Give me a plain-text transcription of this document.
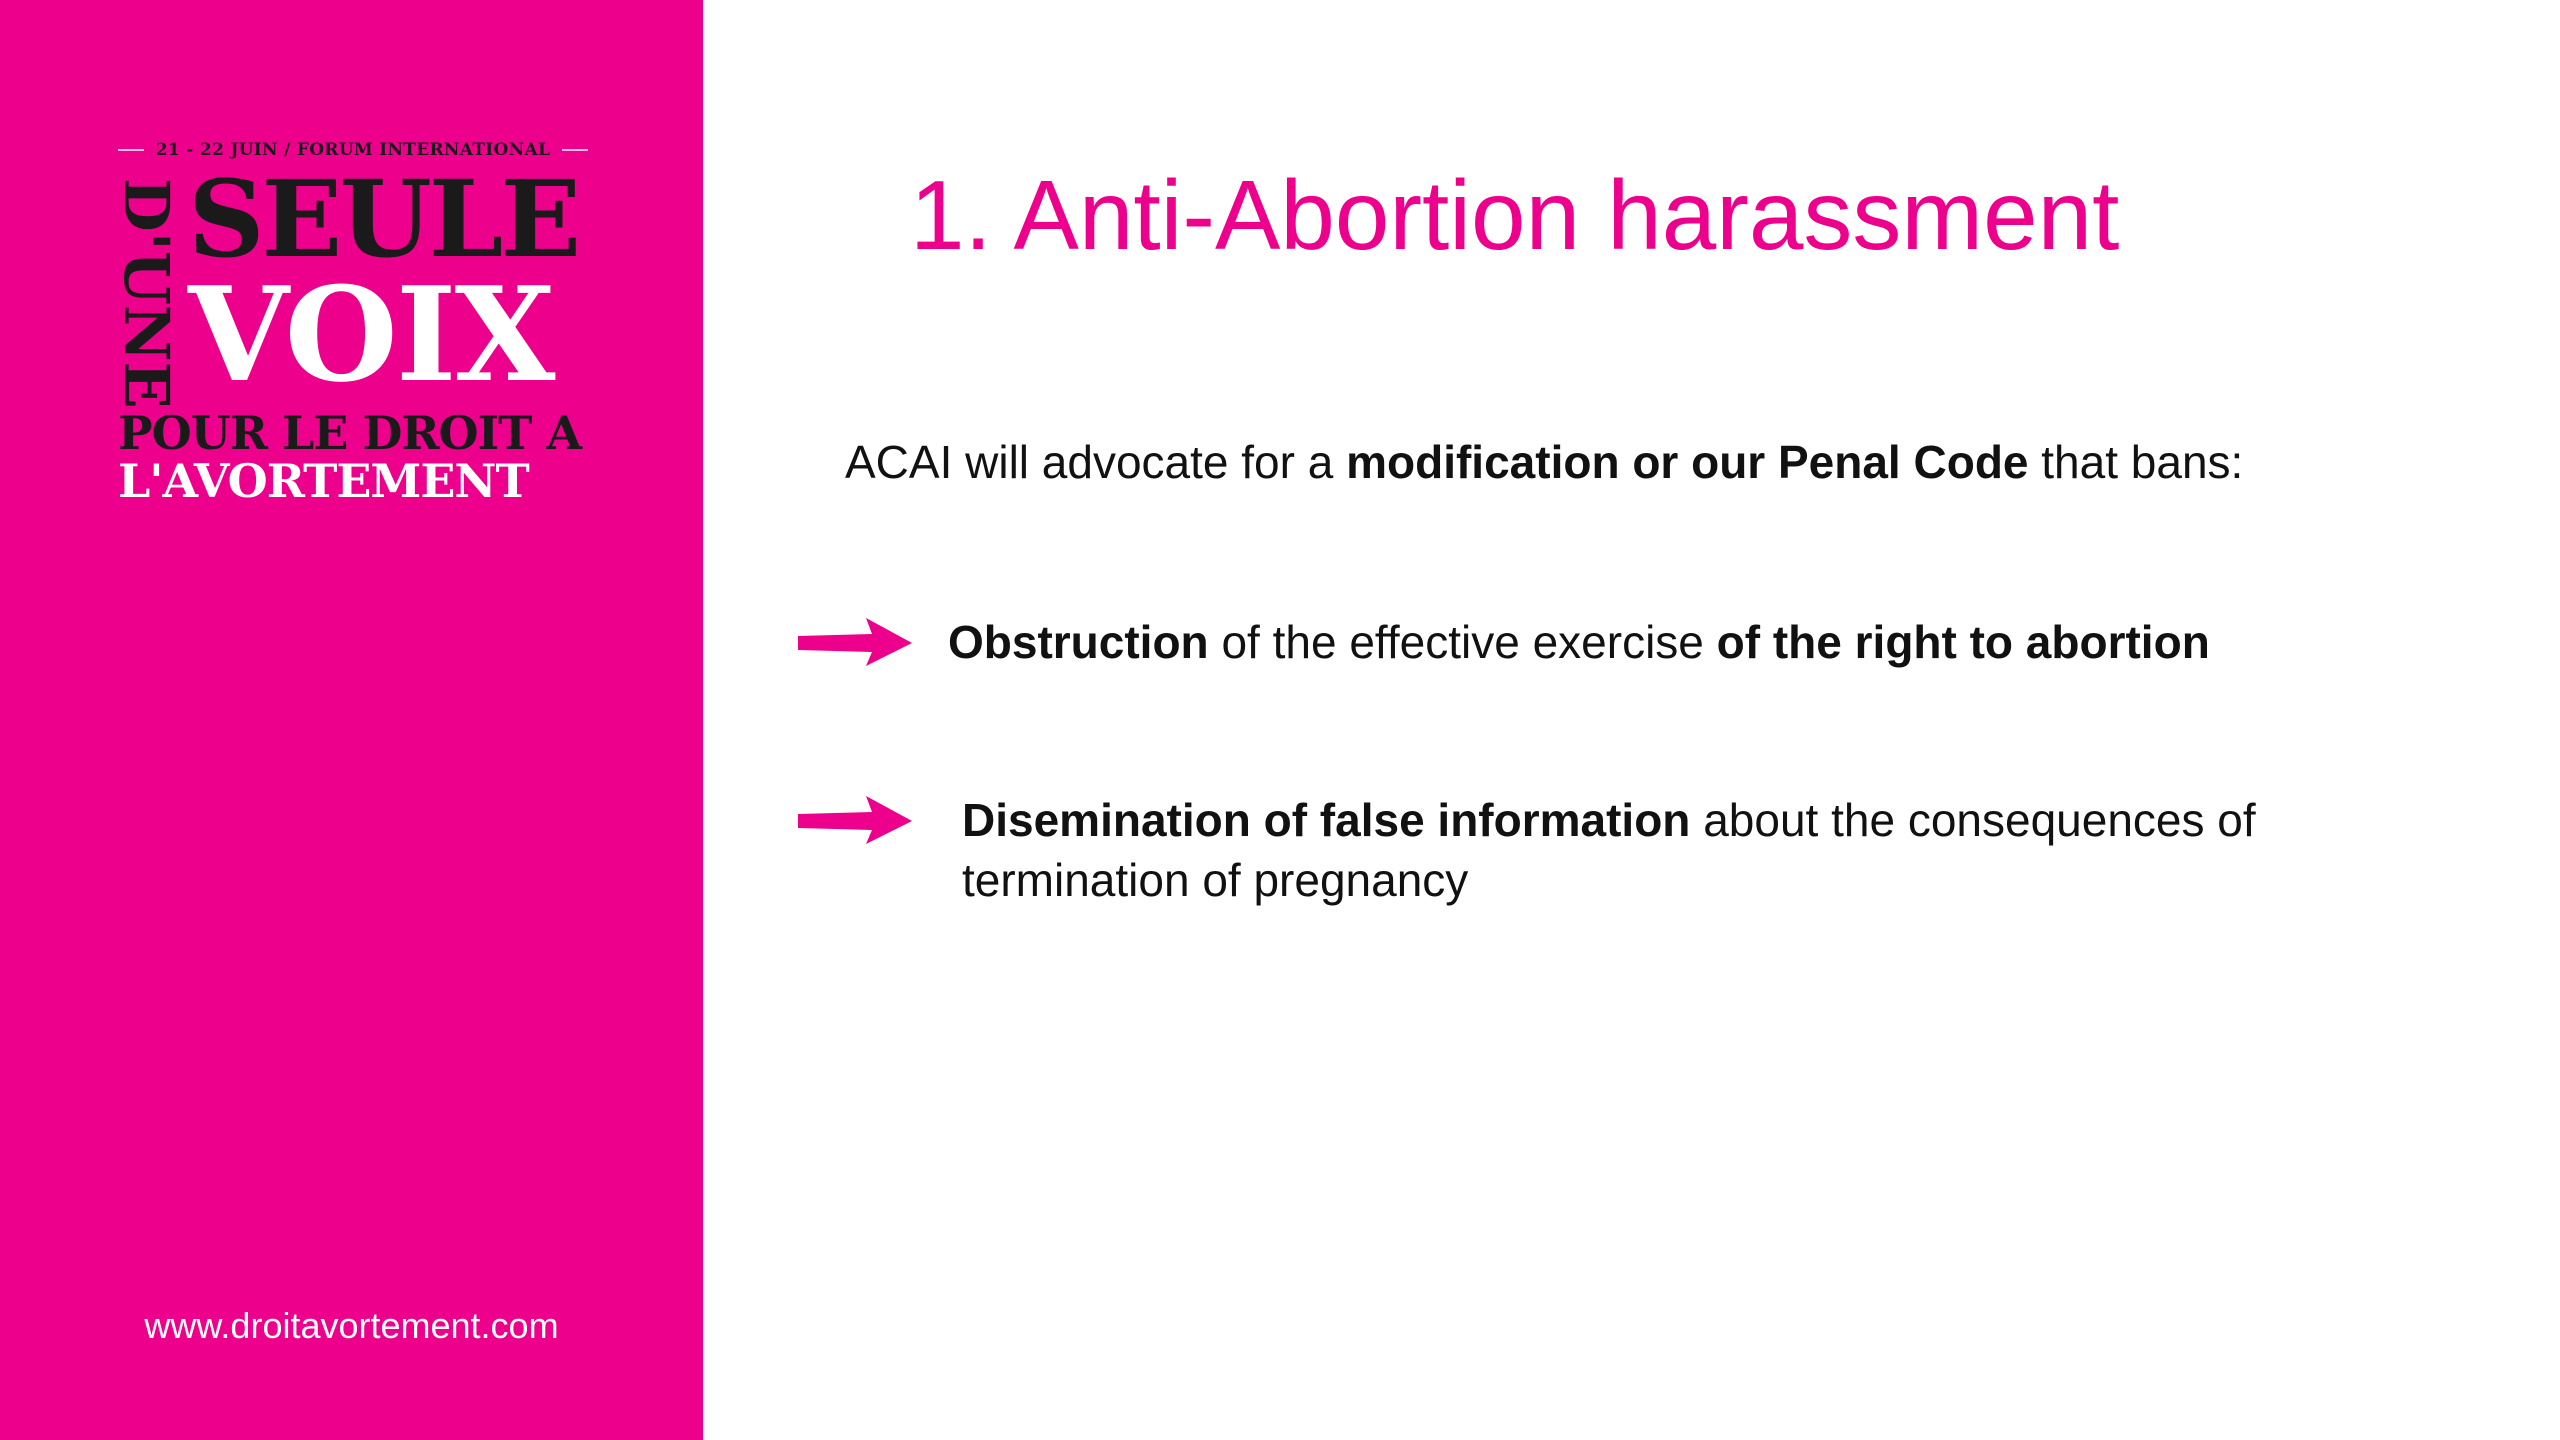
21 - 22 JUIN / FORUM INTERNATIONAL
D'UNE SEULE
VOIX
POUR LE DROIT A
L'AVORTEMENT
www.droitavortement.com
1. Anti-Abortion harassment
ACAI will advocate for a modification or our Penal Code that bans:
Obstruction of the effective exercise of the right to abortion
Disemination of false information about the consequences of termination of pregnancy
